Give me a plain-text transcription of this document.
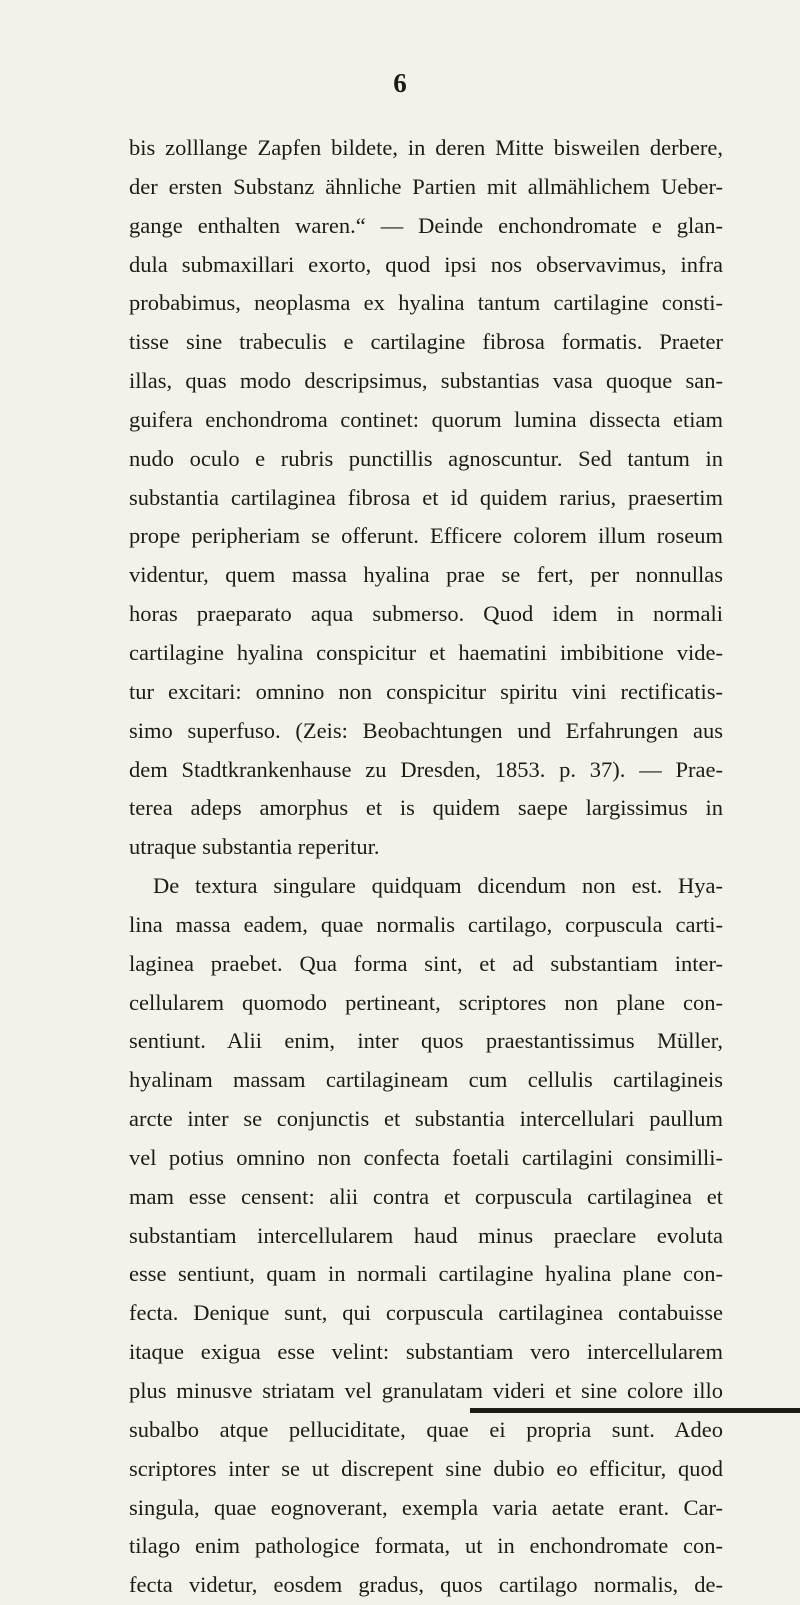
6
bis zolllange Zapfen bildete, in deren Mitte bisweilen derbere,
der ersten Substanz ähnliche Partien mit allmählichem Ueber-
gange enthalten waren.“ — Deinde enchondromate e glan-
dula submaxillari exorto, quod ipsi nos observavimus, infra
probabimus, neoplasma ex hyalina tantum cartilagine consti-
tisse sine trabeculis e cartilagine fibrosa formatis. Praeter
illas, quas modo descripsimus, substantias vasa quoque san-
guifera enchondroma continet: quorum lumina dissecta etiam
nudo oculo e rubris punctillis agnoscuntur. Sed tantum in
substantia cartilaginea fibrosa et id quidem rarius, praesertim
prope peripheriam se offerunt. Efficere colorem illum roseum
videntur, quem massa hyalina prae se fert, per nonnullas
horas praeparato aqua submerso. Quod idem in normali
cartilagine hyalina conspicitur et haematini imbibitione vide-
tur excitari: omnino non conspicitur spiritu vini rectificatis-
simo superfuso. (Zeis: Beobachtungen und Erfahrungen aus
dem Stadtkrankenhause zu Dresden, 1853. p. 37). — Prae-
terea adeps amorphus et is quidem saepe largissimus in
utraque substantia reperitur.
De textura singulare quidquam dicendum non est. Hya-
lina massa eadem, quae normalis cartilago, corpuscula carti-
laginea praebet. Qua forma sint, et ad substantiam inter-
cellularem quomodo pertineant, scriptores non plane con-
sentiunt. Alii enim, inter quos praestantissimus Müller,
hyalinam massam cartilagineam cum cellulis cartilagineis
arcte inter se conjunctis et substantia intercellulari paullum
vel potius omnino non confecta foetali cartilagini consimilli-
mam esse censent: alii contra et corpuscula cartilaginea et
substantiam intercellularem haud minus praeclare evoluta
esse sentiunt, quam in normali cartilagine hyalina plane con-
fecta. Denique sunt, qui corpuscula cartilaginea contabuisse
itaque exigua esse velint: substantiam vero intercellularem
plus minusve striatam vel granulatam videri et sine colore illo
subalbo atque pelluciditate, quae ei propria sunt. Adeo
scriptores inter se ut discrepent sine dubio eo efficitur, quod
singula, quae eognoverant, exempla varia aetate erant. Car-
tilago enim pathologice formata, ut in enchondromate con-
fecta videtur, eosdem gradus, quos cartilago normalis, de-
